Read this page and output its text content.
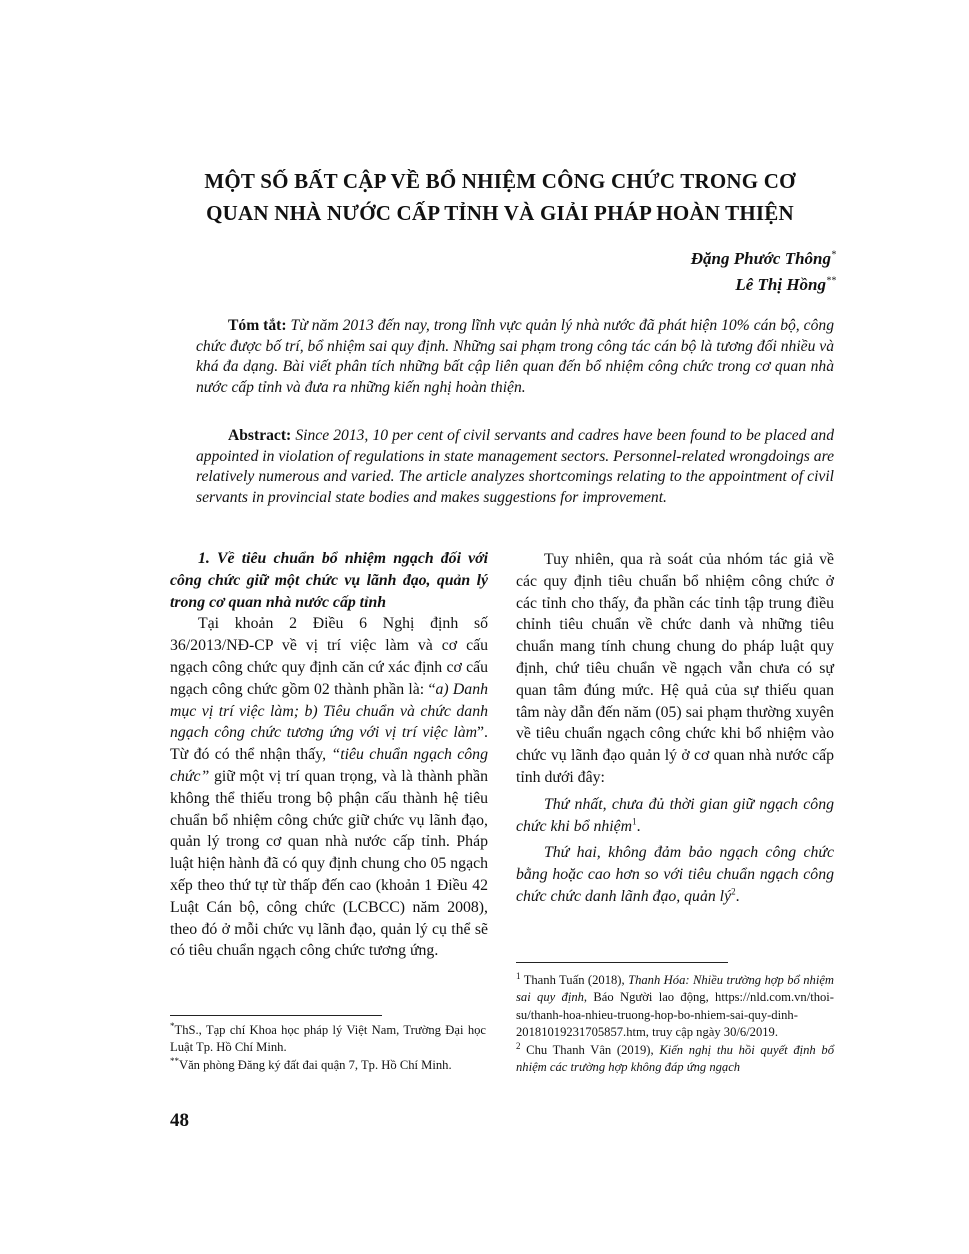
MỘT SỐ BẤT CẬP VỀ BỔ NHIỆM CÔNG CHỨC TRONG CƠ
QUAN NHÀ NƯỚC CẤP TỈNH VÀ GIẢI PHÁP HOÀN THIỆN
Đặng Phước Thông*
Lê Thị Hồng**
Tóm tắt: Từ năm 2013 đến nay, trong lĩnh vực quản lý nhà nước đã phát hiện 10% cán bộ, công chức được bố trí, bổ nhiệm sai quy định. Những sai phạm trong công tác cán bộ là tương đối nhiều và khá đa dạng. Bài viết phân tích những bất cập liên quan đến bổ nhiệm công chức trong cơ quan nhà nước cấp tỉnh và đưa ra những kiến nghị hoàn thiện.
Abstract: Since 2013, 10 per cent of civil servants and cadres have been found to be placed and appointed in violation of regulations in state management sectors. Personnel-related wrongdoings are relatively numerous and varied. The article analyzes shortcomings relating to the appointment of civil servants in provincial state bodies and makes suggestions for improvement.

1. Về tiêu chuẩn bổ nhiệm ngạch đối với công chức giữ một chức vụ lãnh đạo, quản lý trong cơ quan nhà nước cấp tỉnh

Tại khoản 2 Điều 6 Nghị định số 36/2013/NĐ-CP về vị trí việc làm và cơ cấu ngạch công chức quy định căn cứ xác định cơ cấu ngạch công chức gồm 02 thành phần là: “a) Danh mục vị trí việc làm; b) Tiêu chuẩn và chức danh ngạch công chức tương ứng với vị trí việc làm”. Từ đó có thể nhận thấy, “tiêu chuẩn ngạch công chức” giữ một vị trí quan trọng, và là thành phần không thể thiếu trong bộ phận cấu thành hệ tiêu chuẩn bổ nhiệm công chức giữ chức vụ lãnh đạo, quản lý trong cơ quan nhà nước cấp tỉnh. Pháp luật hiện hành đã có quy định chung cho 05 ngạch xếp theo thứ tự từ thấp đến cao (khoản 1 Điều 42 Luật Cán bộ, công chức (LCBCC) năm 2008), theo đó ở mỗi chức vụ lãnh đạo, quản lý cụ thể sẽ có tiêu chuẩn ngạch công chức tương ứng.

Tuy nhiên, qua rà soát của nhóm tác giả về các quy định tiêu chuẩn bổ nhiệm công chức ở các tỉnh cho thấy, đa phần các tỉnh tập trung điều chỉnh tiêu chuẩn về chức danh và những tiêu chuẩn mang tính chung chung do pháp luật quy định, chứ tiêu chuẩn về ngạch vẫn chưa có sự quan tâm đúng mức. Hệ quả của sự thiếu quan tâm này dẫn đến năm (05) sai phạm thường xuyên về tiêu chuẩn ngạch công chức khi bổ nhiệm vào chức vụ lãnh đạo quản lý ở cơ quan nhà nước cấp tỉnh dưới đây:

Thứ nhất, chưa đủ thời gian giữ ngạch công chức khi bổ nhiệm$^1$.

Thứ hai, không đảm bảo ngạch công chức bằng hoặc cao hơn so với tiêu chuẩn ngạch công chức chức danh lãnh đạo, quản $lý^2$.

*ThS., Tạp chí Khoa học pháp lý Việt Nam, Trường Đại học Luật Tp. Hồ Chí Minh.

**Văn phòng Đăng ký đất đai quận 7, Tp. Hồ Chí Minh.

$^1$ Thanh Tuấn (2018), Thanh Hóa: Nhiều trường hợp bổ nhiệm sai quy định, Báo Người lao động, https://nld.com.vn/thoi-su/thanh-hoa-nhieu-truong-hop-bo-nhiem-sai-quy-dinh-20181019231705857.htm, truy cập ngày 30/6/2019.

$^2$ Chu Thanh Vân (2019), Kiến nghị thu hồi quyết định bổ nhiệm các trường hợp không đáp ứng ngạch

48
